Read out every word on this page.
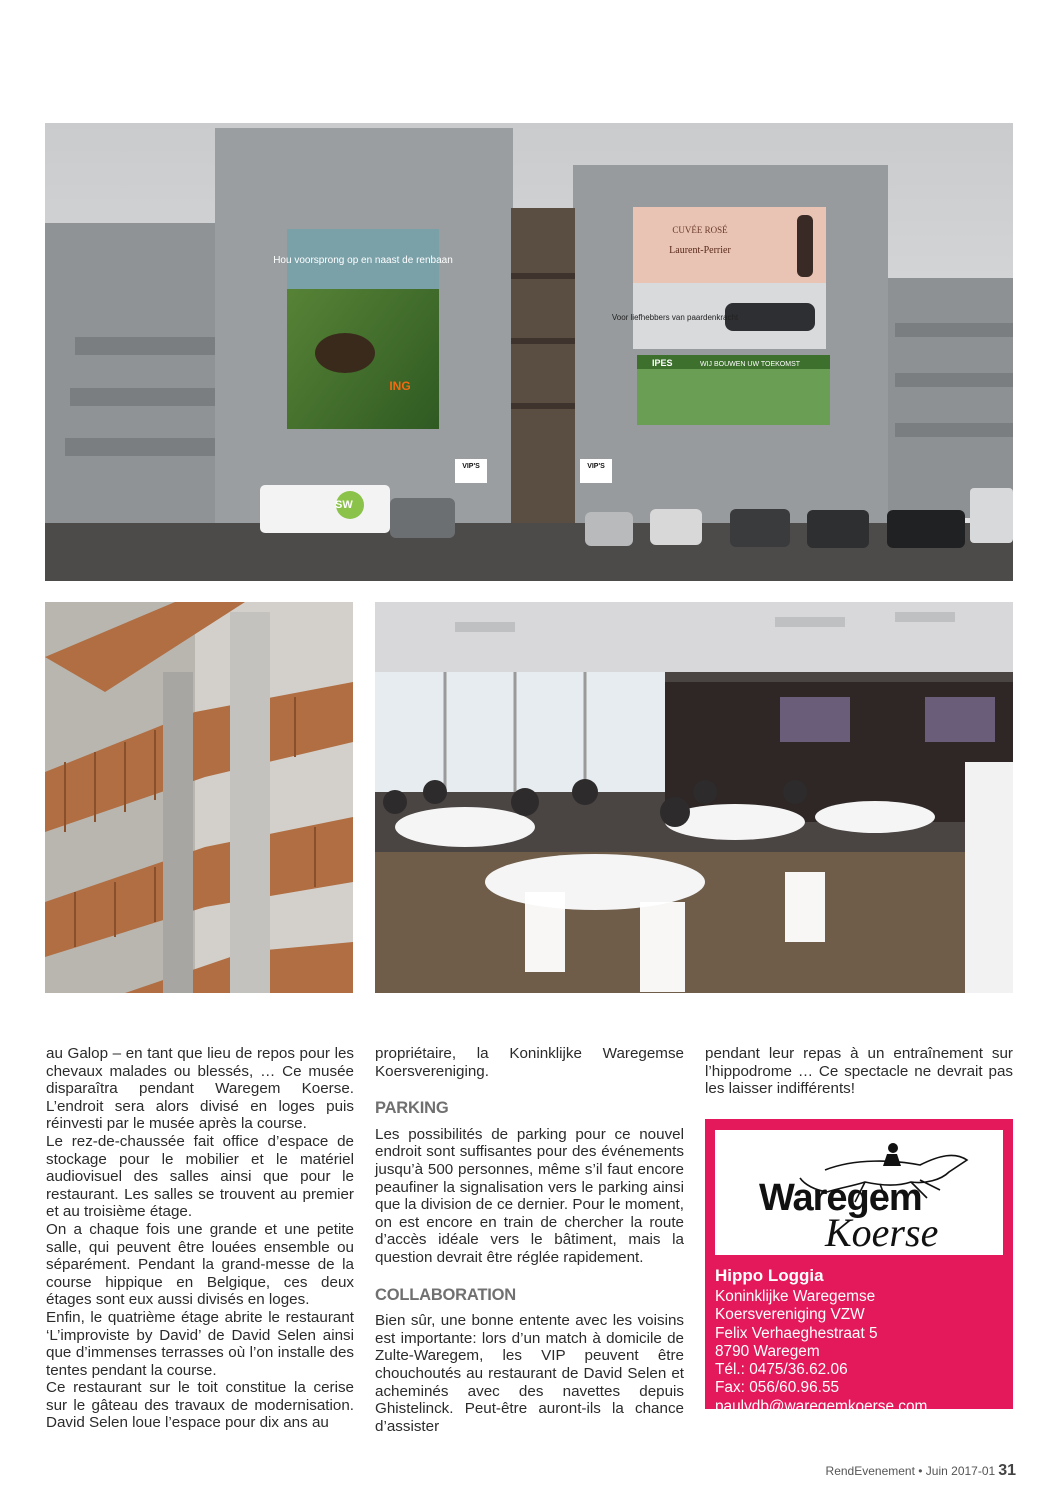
Hou voorsprong op en naast de renbaan
ING
CUVÉE ROSÉ
Laurent-Perrier
Voor liefhebbers van paardenkracht
IPES	WIJ BOUWEN UW TOEKOMST
VIP'S	VIP'S
SW

au Galop – en tant que lieu de repos pour les chevaux malades ou blessés, … Ce musée disparaîtra pendant Waregem Koerse. L’endroit sera alors divisé en loges puis réinvesti par le musée après la course.

Le rez-de-chaussée fait office d’espace de stockage pour le mobilier et le matériel audiovisuel des salles ainsi que pour le restaurant. Les salles se trouvent au premier et au troisième étage.

On a chaque fois une grande et une petite salle, qui peuvent être louées ensemble ou séparément. Pendant la grand-messe de la course hippique en Belgique, ces deux étages sont eux aussi divisés en loges.

Enfin, le quatrième étage abrite le restaurant ‘L’improviste by David’ de David Selen ainsi que d’immenses terrasses où l’on installe des tentes pendant la course.

Ce restaurant sur le toit constitue la cerise sur le gâteau des travaux de modernisation. David Selen loue l’espace pour dix ans au

propriétaire, la Koninklijke Waregemse Koersvereniging.

PARKING

Les possibilités de parking pour ce nouvel endroit sont suffisantes pour des événements jusqu’à 500 personnes, même s’il faut encore peaufiner la signalisation vers le parking ainsi que la division de ce dernier. Pour le moment, on est encore en train de chercher la route d’accès idéale vers le bâtiment, mais la question devrait être réglée rapidement.

COLLABORATION

Bien sûr, une bonne entente avec les voisins est importante: lors d’un match à domicile de Zulte-Waregem, les VIP peuvent être chouchoutés au restaurant de David Selen et acheminés avec des navettes depuis Ghistelinck. Peut-être auront-ils la chance d’assister

pendant leur repas à un entraînement sur l’hippodrome … Ce spectacle ne devrait pas les laisser indifférents!

Waregem
Koerse
Hippo Loggia
Koninklijke Waregemse
Koersvereniging VZW
Felix Verhaeghestraat 5
8790 Waregem
Tél.: 0475/36.62.06
Fax: 056/60.96.55
paulvdb@waregemkoerse.com
www.waregemkoerse.com
RendEvenement • Juin 2017-01 31
